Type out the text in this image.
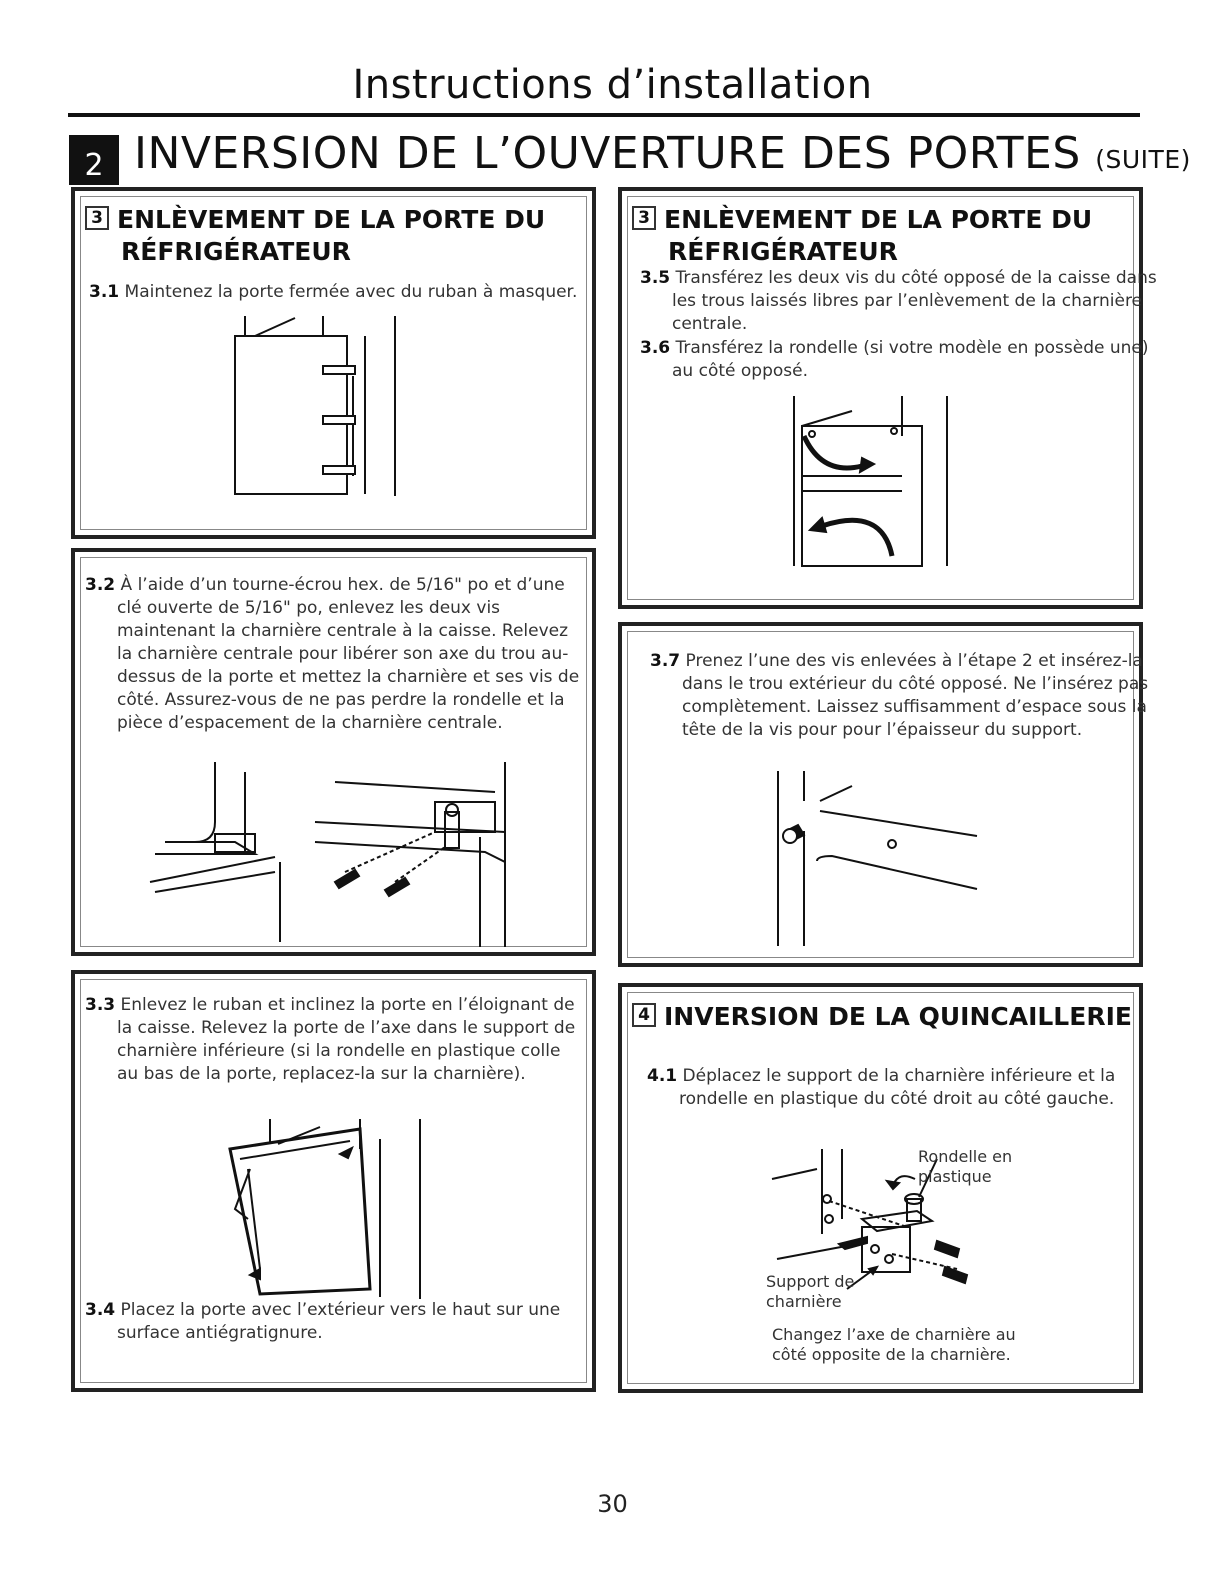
Instructions d’installation
2 INVERSION DE L’OUVERTURE DES PORTES (SUITE)
3 ENLÈVEMENT DE LA PORTE DU
RÉFRIGÉRATEUR
3.1 Maintenez la porte fermée avec du ruban à masquer.
3.2 À l’aide d’un tourne-écrou hex. de 5/16" po et d’une clé ouverte de 5/16" po, enlevez les deux vis maintenant la charnière centrale à la caisse. Relevez la charnière centrale pour libérer son axe du trou au-dessus de la porte et mettez la charnière et ses vis de côté. Assurez-vous de ne pas perdre la rondelle et la pièce d’espacement de la charnière centrale.
3.3 Enlevez le ruban et inclinez la porte en l’éloignant de la caisse. Relevez la porte de l’axe dans le support de charnière inférieure (si la rondelle en plastique colle au bas de la porte, replacez-la sur la charnière).
3.4 Placez la porte avec l’extérieur vers le haut sur une surface antiégratignure.
3 ENLÈVEMENT DE LA PORTE DU
RÉFRIGÉRATEUR
3.5 Transférez les deux vis du côté opposé de la caisse dans les trous laissés libres par l’enlèvement de la charnière centrale.
3.6 Transférez la rondelle (si votre modèle en possède une) au côté opposé.
3.7 Prenez l’une des vis enlevées à l’étape 2 et insérez-la dans le trou extérieur du côté opposé. Ne l’insérez pas complètement. Laissez suffisamment d’espace sous la tête de la vis pour pour l’épaisseur du support.
4 INVERSION DE LA QUINCAILLERIE
4.1 Déplacez le support de la charnière inférieure et la rondelle en plastique du côté droit au côté gauche.
Rondelle en
plastique
Support de
charnière
Changez l’axe de charnière au
côté opposite de la charnière.
30
